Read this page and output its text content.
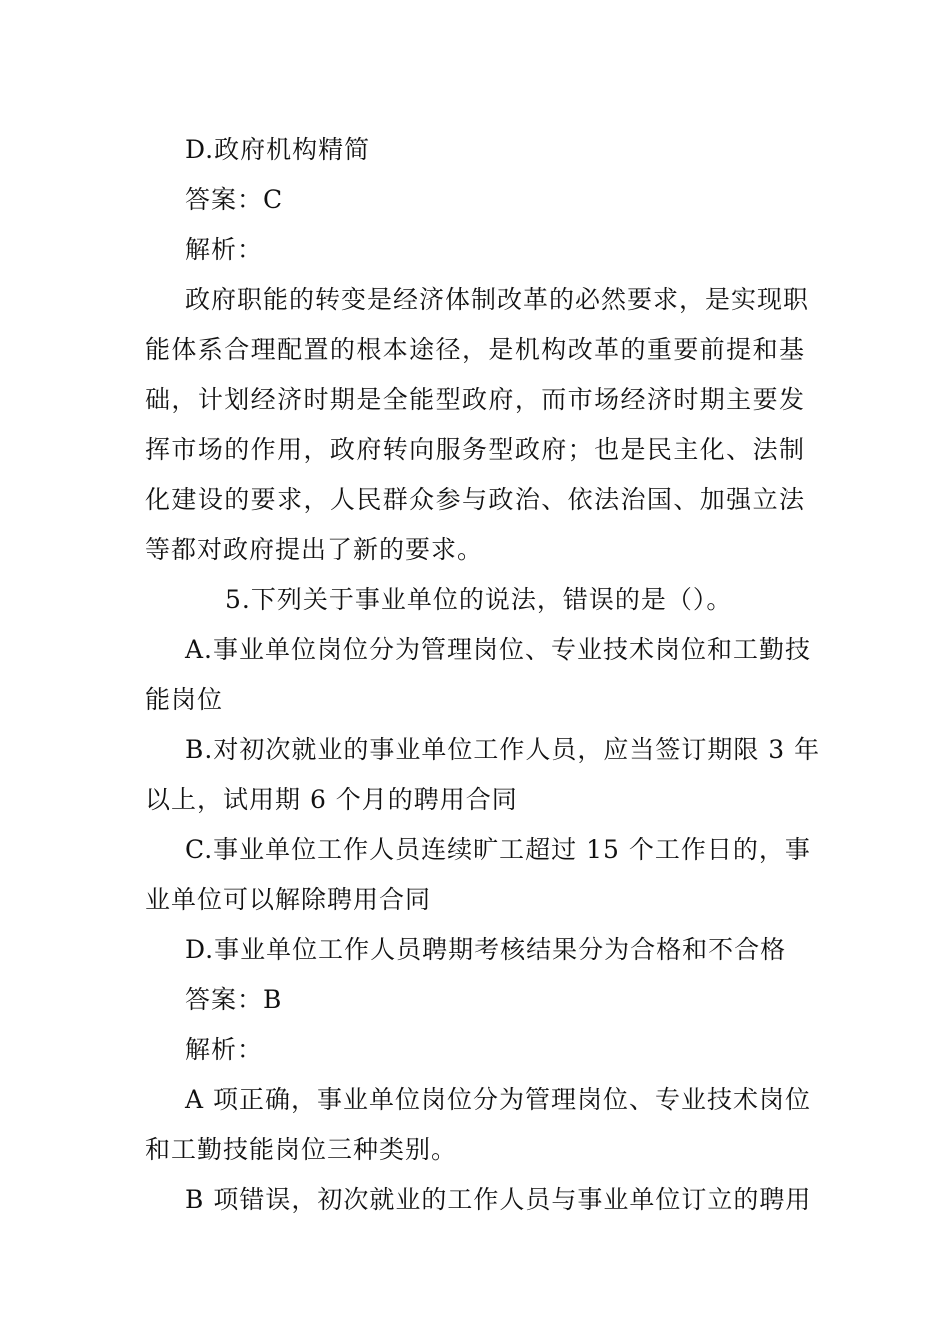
D.政府机构精简
答案：C
解析：
政府职能的转变是经济体制改革的必然要求，是实现职
能体系合理配置的根本途径，是机构改革的重要前提和基
础，计划经济时期是全能型政府，而市场经济时期主要发
挥市场的作用，政府转向服务型政府；也是民主化、法制
化建设的要求，人民群众参与政治、依法治国、加强立法
等都对政府提出了新的要求。
5.下列关于事业单位的说法，错误的是（）。
A.事业单位岗位分为管理岗位、专业技术岗位和工勤技
能岗位
B.对初次就业的事业单位工作人员，应当签订期限 3 年
以上，试用期 6 个月的聘用合同
C.事业单位工作人员连续旷工超过 15 个工作日的，事
业单位可以解除聘用合同
D.事业单位工作人员聘期考核结果分为合格和不合格
答案：B
解析：
A 项正确，事业单位岗位分为管理岗位、专业技术岗位
和工勤技能岗位三种类别。
B 项错误，初次就业的工作人员与事业单位订立的聘用
